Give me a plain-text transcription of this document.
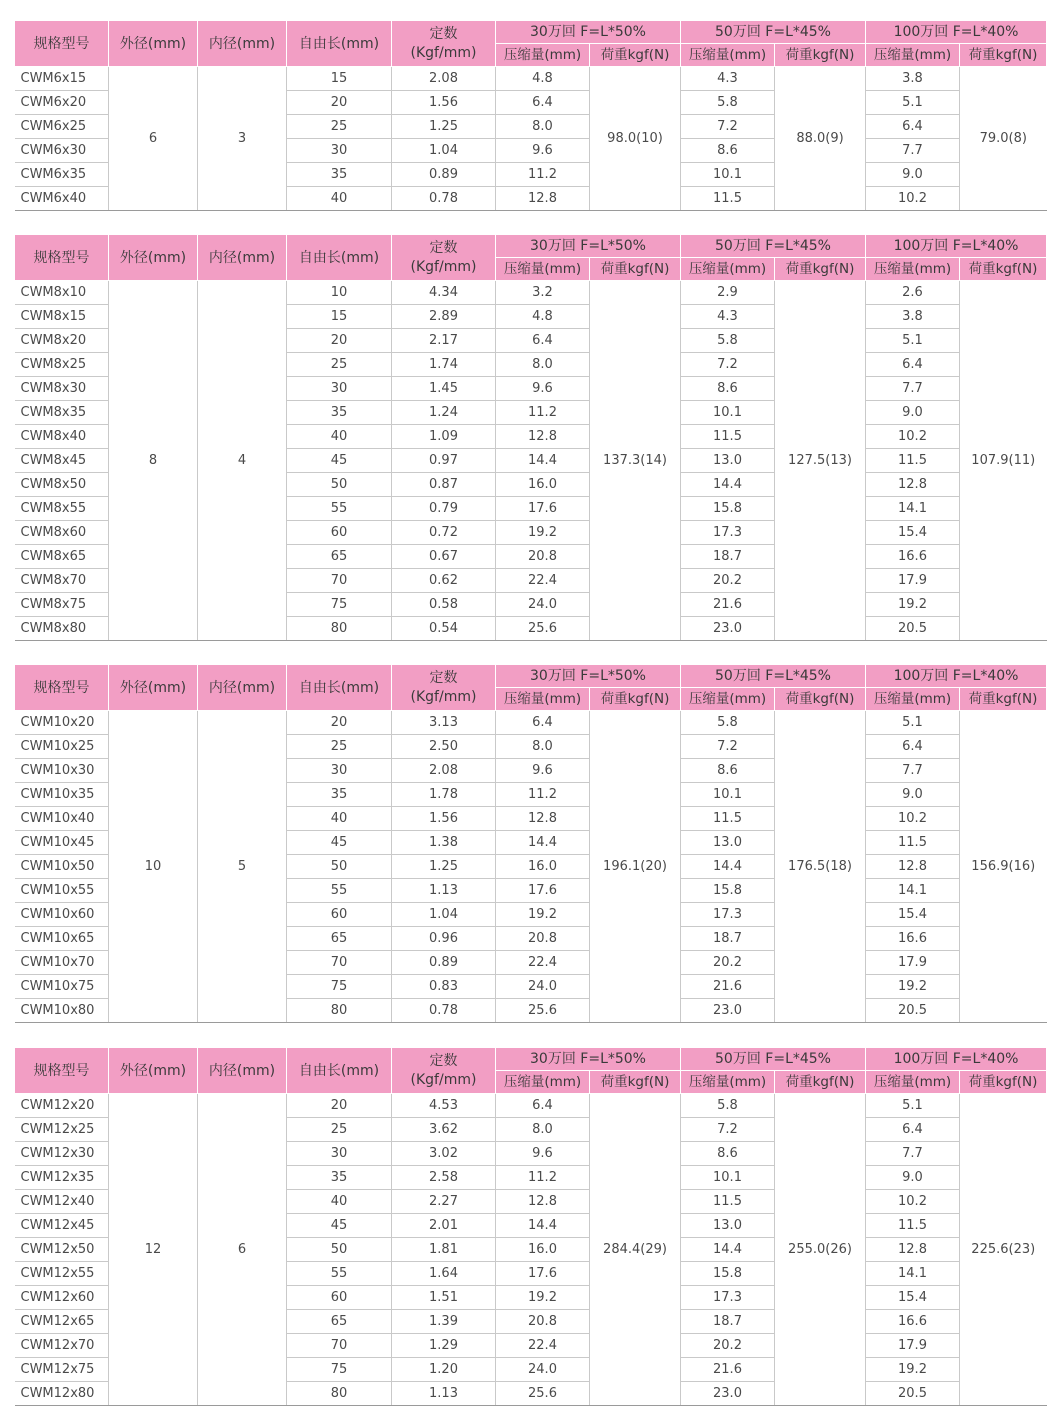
规格型号	外径(mm)	内径(mm)	自由长(mm)	定数
(Kgf/mm)	30万回 F=L*50%		50万回 F=L*45%		100万回 F=L*40%	
					压缩量(mm)	荷重kgf(N)	压缩量(mm)	荷重kgf(N)	压缩量(mm)	荷重kgf(N)
CWM6x15	6	3	15	2.08	4.8	98.0(10)	4.3	88.0(9)	3.8	79.0(8)
CWM6x20			20	1.56	6.4		5.8		5.1	
CWM6x25			25	1.25	8.0		7.2		6.4	
CWM6x30			30	1.04	9.6		8.6		7.7	
CWM6x35			35	0.89	11.2		10.1		9.0	
CWM6x40			40	0.78	12.8		11.5		10.2	
规格型号	外径(mm)	内径(mm)	自由长(mm)	定数
(Kgf/mm)	30万回 F=L*50%		50万回 F=L*45%		100万回 F=L*40%	
					压缩量(mm)	荷重kgf(N)	压缩量(mm)	荷重kgf(N)	压缩量(mm)	荷重kgf(N)
CWM8x10	8	4	10	4.34	3.2	137.3(14)	2.9	127.5(13)	2.6	107.9(11)
CWM8x15			15	2.89	4.8		4.3		3.8	
CWM8x20			20	2.17	6.4		5.8		5.1	
CWM8x25			25	1.74	8.0		7.2		6.4	
CWM8x30			30	1.45	9.6		8.6		7.7	
CWM8x35			35	1.24	11.2		10.1		9.0	
CWM8x40			40	1.09	12.8		11.5		10.2	
CWM8x45			45	0.97	14.4		13.0		11.5	
CWM8x50			50	0.87	16.0		14.4		12.8	
CWM8x55			55	0.79	17.6		15.8		14.1	
CWM8x60			60	0.72	19.2		17.3		15.4	
CWM8x65			65	0.67	20.8		18.7		16.6	
CWM8x70			70	0.62	22.4		20.2		17.9	
CWM8x75			75	0.58	24.0		21.6		19.2	
CWM8x80			80	0.54	25.6		23.0		20.5	
规格型号	外径(mm)	内径(mm)	自由长(mm)	定数
(Kgf/mm)	30万回 F=L*50%		50万回 F=L*45%		100万回 F=L*40%	
					压缩量(mm)	荷重kgf(N)	压缩量(mm)	荷重kgf(N)	压缩量(mm)	荷重kgf(N)
CWM10x20	10	5	20	3.13	6.4	196.1(20)	5.8	176.5(18)	5.1	156.9(16)
CWM10x25			25	2.50	8.0		7.2		6.4	
CWM10x30			30	2.08	9.6		8.6		7.7	
CWM10x35			35	1.78	11.2		10.1		9.0	
CWM10x40			40	1.56	12.8		11.5		10.2	
CWM10x45			45	1.38	14.4		13.0		11.5	
CWM10x50			50	1.25	16.0		14.4		12.8	
CWM10x55			55	1.13	17.6		15.8		14.1	
CWM10x60			60	1.04	19.2		17.3		15.4	
CWM10x65			65	0.96	20.8		18.7		16.6	
CWM10x70			70	0.89	22.4		20.2		17.9	
CWM10x75			75	0.83	24.0		21.6		19.2	
CWM10x80			80	0.78	25.6		23.0		20.5	
规格型号	外径(mm)	内径(mm)	自由长(mm)	定数
(Kgf/mm)	30万回 F=L*50%		50万回 F=L*45%		100万回 F=L*40%	
					压缩量(mm)	荷重kgf(N)	压缩量(mm)	荷重kgf(N)	压缩量(mm)	荷重kgf(N)
CWM12x20	12	6	20	4.53	6.4	284.4(29)	5.8	255.0(26)	5.1	225.6(23)
CWM12x25			25	3.62	8.0		7.2		6.4	
CWM12x30			30	3.02	9.6		8.6		7.7	
CWM12x35			35	2.58	11.2		10.1		9.0	
CWM12x40			40	2.27	12.8		11.5		10.2	
CWM12x45			45	2.01	14.4		13.0		11.5	
CWM12x50			50	1.81	16.0		14.4		12.8	
CWM12x55			55	1.64	17.6		15.8		14.1	
CWM12x60			60	1.51	19.2		17.3		15.4	
CWM12x65			65	1.39	20.8		18.7		16.6	
CWM12x70			70	1.29	22.4		20.2		17.9	
CWM12x75			75	1.20	24.0		21.6		19.2	
CWM12x80			80	1.13	25.6		23.0		20.5	
